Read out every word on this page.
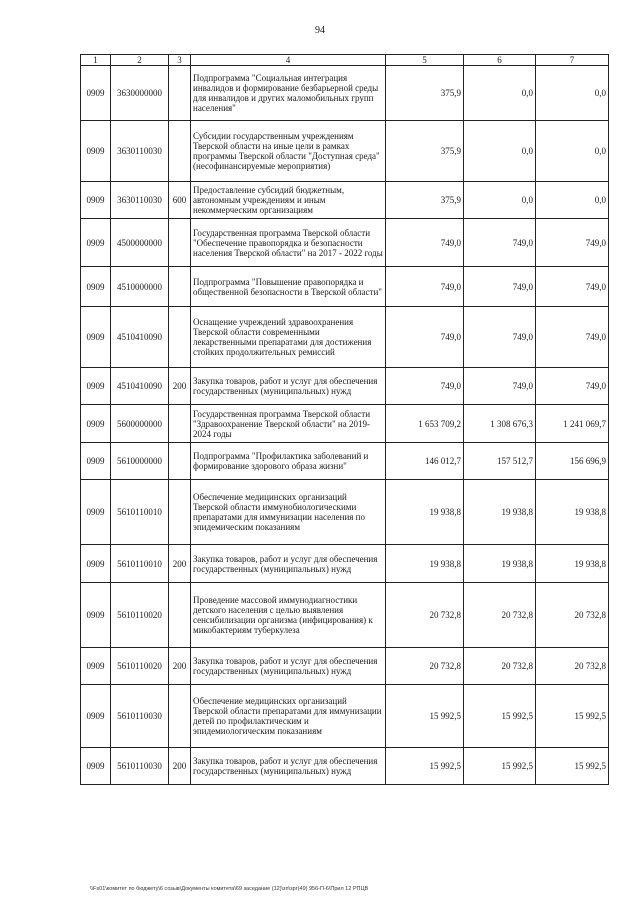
94
1	2	3	4	5	6	7
0909	3630000000		Подпрограмма "Социальная интеграция инвалидов и формирование безбарьерной среды для инвалидов и других маломобильных групп населения"	375,9	0,0	0,0
0909	3630110030		Субсидии государственным учреждениям Тверской области на иные цели в рамках программы Тверской области "Доступная среда" (несофинансируемые мероприятия)	375,9	0,0	0,0
0909	3630110030	600	Предоставление субсидий бюджетным, автономным учреждениям и иным некоммерческим организациям	375,9	0,0	0,0
0909	4500000000		Государственная программа Тверской области "Обеспечение правопорядка и безопасности населения Тверской области" на 2017 - 2022 годы	749,0	749,0	749,0
0909	4510000000		Подпрограмма "Повышение правопорядка и общественной безопасности в Тверской области"	749,0	749,0	749,0
0909	4510410090		Оснащение учреждений здравоохранения Тверской области современными лекарственными препаратами для достижения стойких продолжительных ремиссий	749,0	749,0	749,0
0909	4510410090	200	Закупка товаров, работ и услуг для обеспечения государственных (муниципальных) нужд	749,0	749,0	749,0
0909	5600000000		Государственная программа Тверской области "Здравоохранение Тверской области" на 2019-2024 годы	1 653 709,2	1 308 676,3	1 241 069,7
0909	5610000000		Подпрограмма "Профилактика заболеваний и формирование здорового образа жизни"	146 012,7	157 512,7	156 696,9
0909	5610110010		Обеспечение медицинских организаций Тверской области иммунобиологическими препаратами для иммунизации населения по эпидемическим показаниям	19 938,8	19 938,8	19 938,8
0909	5610110010	200	Закупка товаров, работ и услуг для обеспечения государственных (муниципальных) нужд	19 938,8	19 938,8	19 938,8
0909	5610110020		Проведение массовой иммунодиагностики детского населения с целью выявления сенсибилизации организма (инфицирования) к микобактериям туберкулеза	20 732,8	20 732,8	20 732,8
0909	5610110020	200	Закупка товаров, работ и услуг для обеспечения государственных (муниципальных) нужд	20 732,8	20 732,8	20 732,8
0909	5610110030		Обеспечение медицинских организаций Тверской области препаратами для иммунизации детей по профилактическим и эпидемиологическим показаниям	15 992,5	15 992,5	15 992,5
0909	5610110030	200	Закупка товаров, работ и услуг для обеспечения государственных (муниципальных) нужд	15 992,5	15 992,5	15 992,5
\\Fs01\комитет по бюджету\6 созыв\Документы комитета\69 заседание (12)\зп\зрг(49) 956-П-6\Прил 12 РПЦВ
